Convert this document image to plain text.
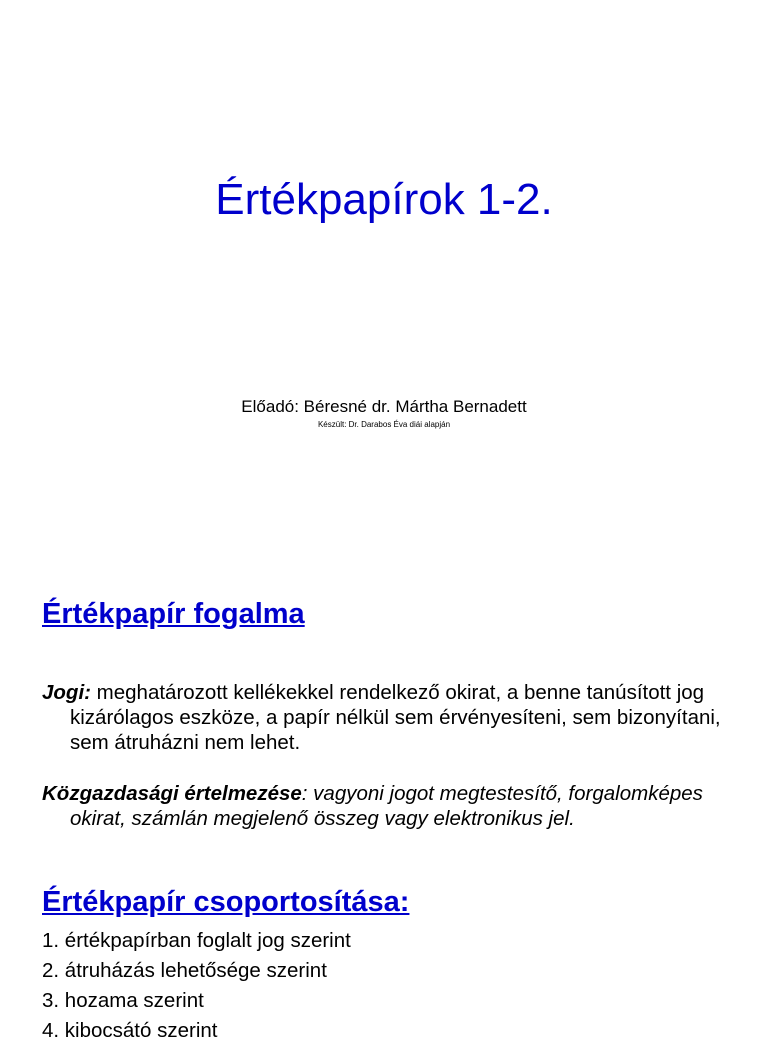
Értékpapírok 1-2.
Előadó: Béresné dr. Mártha Bernadett
Készült: Dr. Darabos Éva diái alapján
Értékpapír fogalma
Jogi: meghatározott kellékekkel rendelkező okirat, a benne tanúsított jog kizárólagos eszköze, a papír nélkül sem érvényesíteni, sem bizonyítani, sem átruházni nem lehet.
Közgazdasági értelmezése: vagyoni jogot megtestesítő, forgalomképes okirat, számlán megjelenő összeg vagy elektronikus jel.
Értékpapír csoportosítása:
1. értékpapírban foglalt jog szerint
2. átruházás lehetősége szerint
3. hozama szerint
4. kibocsátó szerint
